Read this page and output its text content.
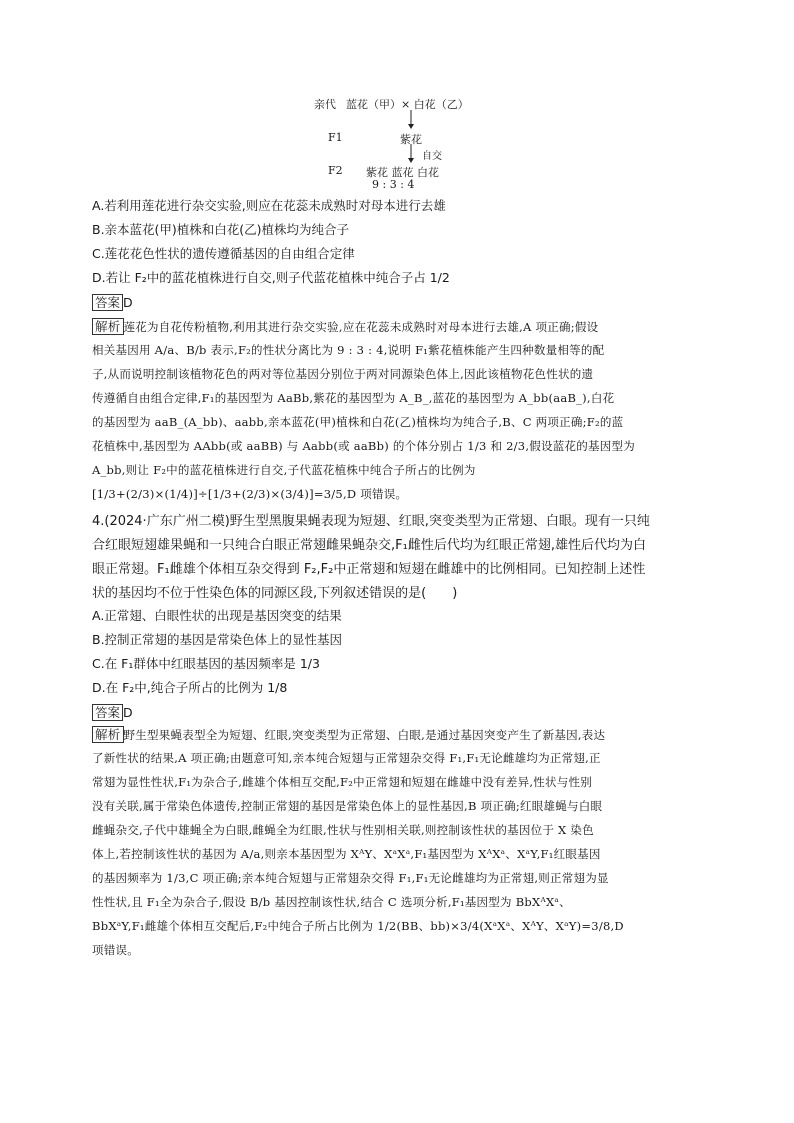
亲代 蓝花（甲）× 白花（乙）
F1	紫花
自交
F2 紫花 蓝花 白花
9 : 3 : 4
A.若利用莲花进行杂交实验,则应在花蕊未成熟时对母本进行去雄
B.亲本蓝花(甲)植株和白花(乙)植株均为纯合子
C.莲花花色性状的遗传遵循基因的自由组合定律
D.若让 F₂中的蓝花植株进行自交,则子代蓝花植株中纯合子占 1/2
答案 D
解析 莲花为自花传粉植物,利用其进行杂交实验,应在花蕊未成熟时对母本进行去雄,A 项正确;假设
相关基因用 A/a、B/b 表示,F₂的性状分离比为 9 : 3 : 4,说明 F₁紫花植株能产生四种数量相等的配
子,从而说明控制该植物花色的两对等位基因分别位于两对同源染色体上,因此该植物花色性状的遗
传遵循自由组合定律,F₁的基因型为 AaBb,紫花的基因型为 A_B_,蓝花的基因型为 A_bb(aaB_),白花
的基因型为 aaB_(A_bb)、aabb,亲本蓝花(甲)植株和白花(乙)植株均为纯合子,B、C 两项正确;F₂的蓝
花植株中,基因型为 AAbb(或 aaBB) 与 Aabb(或 aaBb) 的个体分别占 1/3 和 2/3,假设蓝花的基因型为
A_bb,则让 F₂中的蓝花植株进行自交,子代蓝花植株中纯合子所占的比例为
[1/3+(2/3)×(1/4)]÷[1/3+(2/3)×(3/4)]=3/5,D 项错误。
4.(2024·广东广州二模)野生型黑腹果蝇表现为短翅、红眼,突变类型为正常翅、白眼。现有一只纯
合红眼短翅雄果蝇和一只纯合白眼正常翅雌果蝇杂交,F₁雌性后代均为红眼正常翅,雄性后代均为白
眼正常翅。F₁雌雄个体相互杂交得到 F₂,F₂中正常翅和短翅在雌雄中的比例相同。已知控制上述性
状的基因均不位于性染色体的同源区段,下列叙述错误的是(　　)
A.正常翅、白眼性状的出现是基因突变的结果
B.控制正常翅的基因是常染色体上的显性基因
C.在 F₁群体中红眼基因的基因频率是 1/3
D.在 F₂中,纯合子所占的比例为 1/8
答案 D
解析 野生型果蝇表型全为短翅、红眼,突变类型为正常翅、白眼,是通过基因突变产生了新基因,表达
了新性状的结果,A 项正确;由题意可知,亲本纯合短翅与正常翅杂交得 F₁,F₁无论雌雄均为正常翅,正
常翅为显性性状,F₁为杂合子,雌雄个体相互交配,F₂中正常翅和短翅在雌雄中没有差异,性状与性别
没有关联,属于常染色体遗传,控制正常翅的基因是常染色体上的显性基因,B 项正确;红眼雄蝇与白眼
雌蝇杂交,子代中雄蝇全为白眼,雌蝇全为红眼,性状与性别相关联,则控制该性状的基因位于 X 染色
体上,若控制该性状的基因为 A/a,则亲本基因型为 XᴬY、XᵃXᵃ,F₁基因型为 XᴬXᵃ、XᵃY,F₁红眼基因
的基因频率为 1/3,C 项正确;亲本纯合短翅与正常翅杂交得 F₁,F₁无论雌雄均为正常翅,则正常翅为显
性性状,且 F₁全为杂合子,假设 B/b 基因控制该性状,结合 C 选项分析,F₁基因型为 BbXᴬXᵃ、
BbXᵃY,F₁雌雄个体相互交配后,F₂中纯合子所占比例为 1/2(BB、bb)×3/4(XᵃXᵃ、XᴬY、XᵃY)=3/8,D
项错误。
